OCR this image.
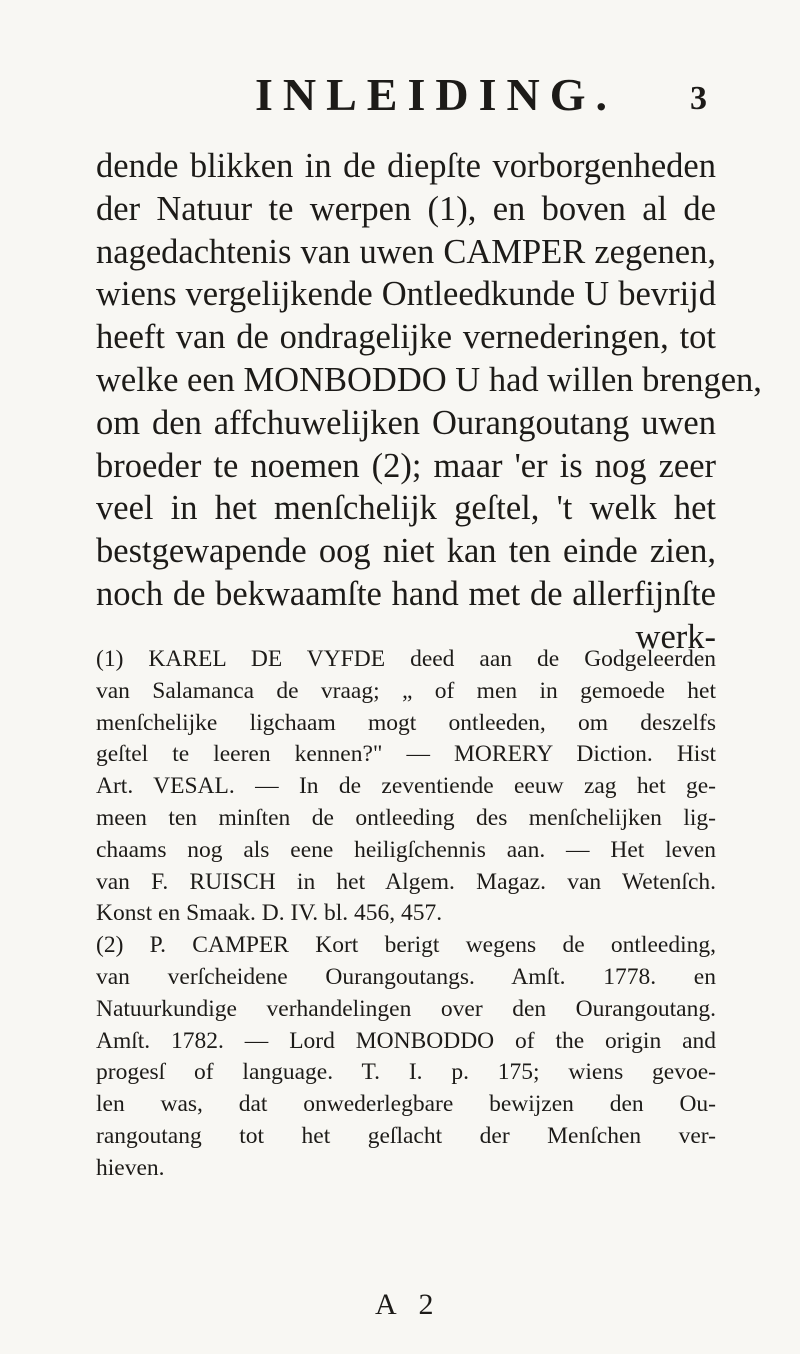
INLEIDING. 3
dende blikken in de diepſte vorborgenheden
der Natuur te werpen (1), en boven al de
nagedachtenis van uwen CAMPER zegenen,
wiens vergelijkende Ontleedkunde U bevrijd
heeft van de ondragelijke vernederingen, tot
welke een MONBODDO U had willen brengen,
om den affchuwelijken Ourangoutang uwen
broeder te noemen (2); maar 'er is nog zeer
veel in het menſchelijk geſtel, 't welk het
bestgewapende oog niet kan ten einde zien,
noch de bekwaamſte hand met de allerfijnſte
werk-
(1) KAREL DE VYFDE deed aan de Godgeleerden
van Salamanca de vraag; „ of men in gemoede het
menſchelijke ligchaam mogt ontleeden, om deszelfs
geſtel te leeren kennen?" — MORERY Diction. Hist
Art. VESAL. — In de zeventiende eeuw zag het ge-
meen ten minſten de ontleeding des menſchelijken lig-
chaams nog als eene heiligſchennis aan. — Het leven
van F. RUISCH in het Algem. Magaz. van Wetenſch.
Konst en Smaak. D. IV. bl. 456, 457.
(2) P. CAMPER Kort berigt wegens de ontleeding,
van verſcheidene Ourangoutangs. Amſt. 1778. en
Natuurkundige verhandelingen over den Ourangoutang.
Amſt. 1782. — Lord MONBODDO of the origin and
progesſ of language. T. I. p. 175; wiens gevoe-
len was, dat onwederlegbare bewijzen den Ou-
rangoutang tot het geſlacht der Menſchen ver-
hieven.
A 2
